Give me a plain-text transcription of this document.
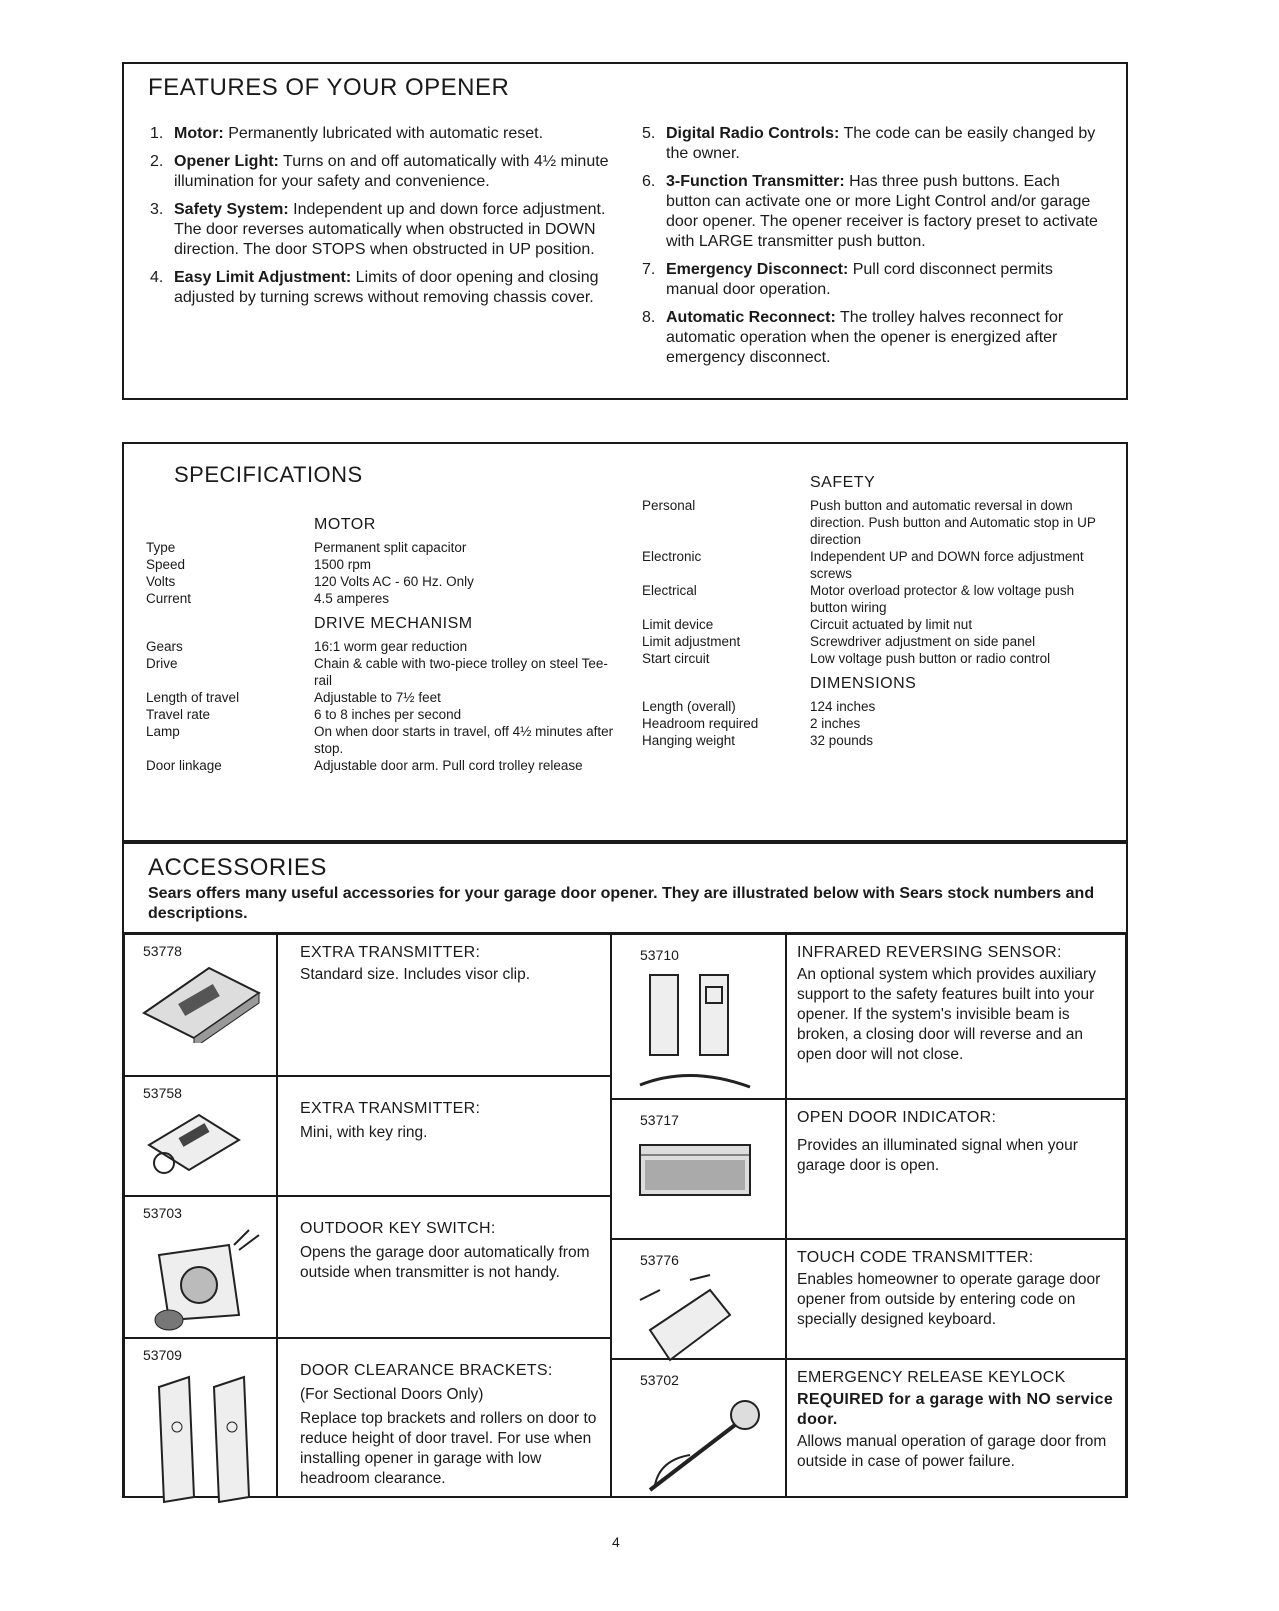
FEATURES OF YOUR OPENER

1. Motor: Permanently lubricated with automatic reset.

2. Opener Light: Turns on and off automatically with 4½ minute illumination for your safety and convenience.

3. Safety System: Independent up and down force adjustment. The door reverses automatically when obstructed in DOWN direction. The door STOPS when obstructed in UP position.

4. Easy Limit Adjustment: Limits of door opening and closing adjusted by turning screws without removing chassis cover.

5. Digital Radio Controls: The code can be easily changed by the owner.

6. 3-Function Transmitter: Has three push buttons. Each button can activate one or more Light Control and/or garage door opener. The opener receiver is factory preset to activate with LARGE transmitter push button.

7. Emergency Disconnect: Pull cord disconnect permits manual door operation.

8. Automatic Reconnect: The trolley halves reconnect for automatic operation when the opener is energized after emergency disconnect.

SPECIFICATIONS
MOTOR
Type	Permanent split capacitor
Speed	1500 rpm
Volts	120 Volts AC - 60 Hz. Only
Current	4.5 amperes
DRIVE MECHANISM
Gears	16:1 worm gear reduction
Drive	Chain & cable with two-piece trolley on steel Tee-rail
Length of travel	Adjustable to 7½ feet
Travel rate	6 to 8 inches per second
Lamp	On when door starts in travel, off 4½ minutes after stop.
Door linkage	Adjustable door arm. Pull cord trolley release
SAFETY
Personal	Push button and automatic reversal in down direction. Push button and Automatic stop in UP direction
Electronic	Independent UP and DOWN force adjustment screws
Electrical	Motor overload protector & low voltage push button wiring
Limit device	Circuit actuated by limit nut
Limit adjustment	Screwdriver adjustment on side panel
Start circuit	Low voltage push button or radio control
DIMENSIONS
Length (overall)	124 inches
Headroom required	2 inches
Hanging weight	32 pounds
ACCESSORIES
Sears offers many useful accessories for your garage door opener. They are illustrated below with Sears stock numbers and descriptions.
53778	EXTRA TRANSMITTER:
Standard size. Includes visor clip.
53758
EXTRA TRANSMITTER:
Mini, with key ring.
53703
OUTDOOR KEY SWITCH:
Opens the garage door automatically from outside when transmitter is not handy.
53709
DOOR CLEARANCE BRACKETS:
(For Sectional Doors Only)
Replace top brackets and rollers on door to reduce height of door travel. For use when installing opener in garage with low headroom clearance.
53710	INFRARED REVERSING SENSOR:
An optional system which provides auxiliary support to the safety features built into your opener. If the system's invisible beam is broken, a closing door will reverse and an open door will not close.
53717	OPEN DOOR INDICATOR:
Provides an illuminated signal when your garage door is open.
53776	TOUCH CODE TRANSMITTER:
Enables homeowner to operate garage door opener from outside by entering code on specially designed keyboard.
53702	EMERGENCY RELEASE KEYLOCK
REQUIRED for a garage with NO service door.
Allows manual operation of garage door from outside in case of power failure.
4
